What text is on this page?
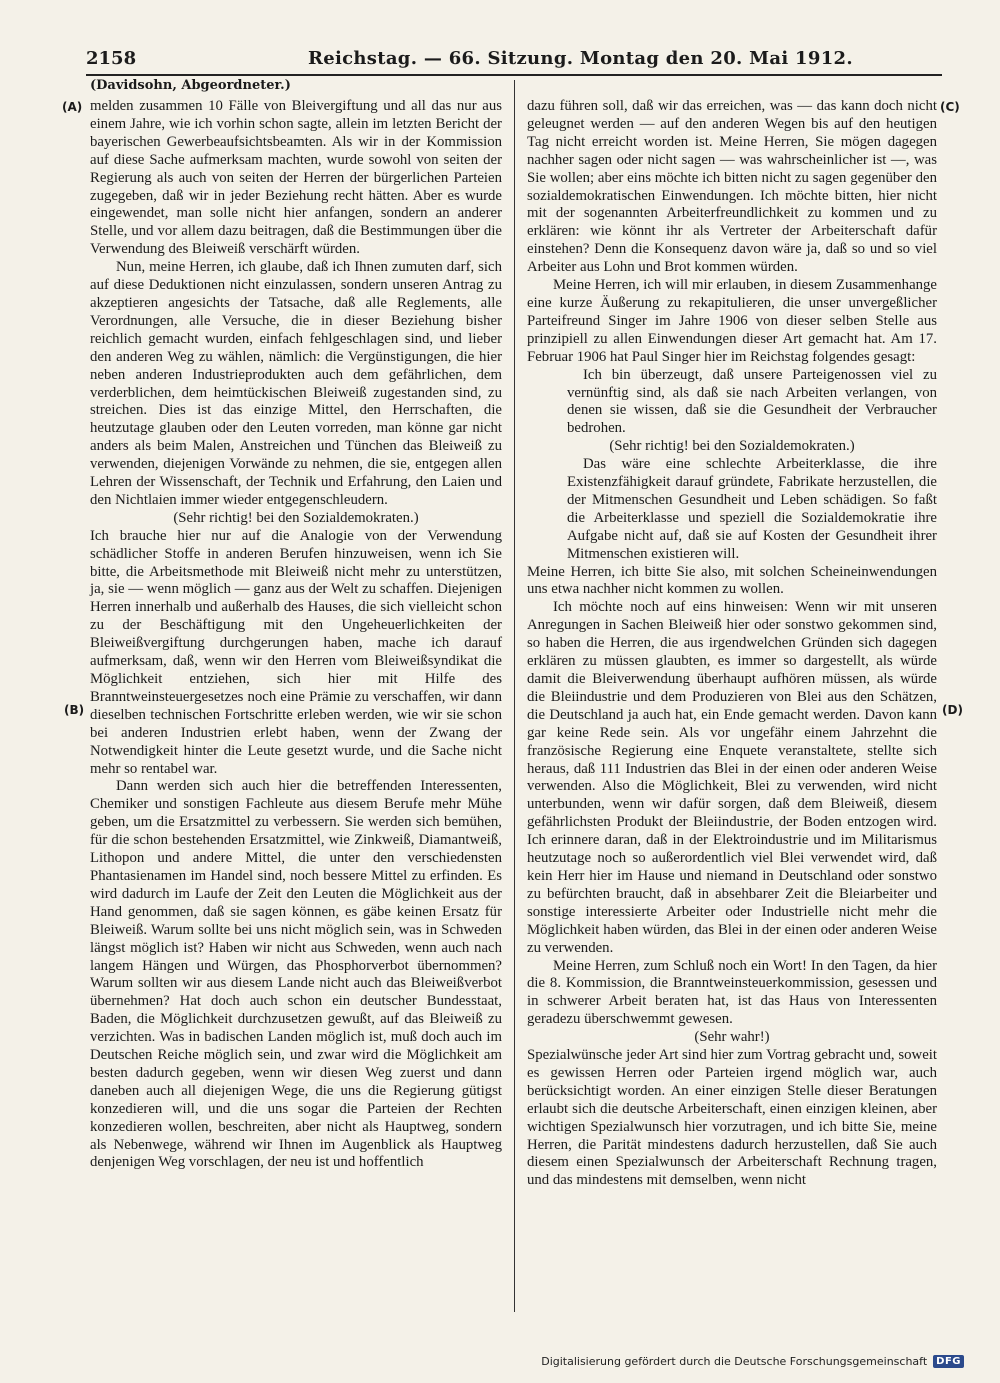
2158	Reichstag. — 66. Sitzung. Montag den 20. Mai 1912.
(Davidsohn, Abgeordneter.)
(A)
(B)
(C)
(D)

melden zusammen 10 Fälle von Bleivergiftung und all das nur aus einem Jahre, wie ich vorhin schon sagte, allein im letzten Bericht der bayerischen Gewerbeaufsichtsbeamten. Als wir in der Kommission auf diese Sache aufmerksam machten, wurde sowohl von seiten der Regierung als auch von seiten der Herren der bürgerlichen Parteien zugegeben, daß wir in jeder Beziehung recht hätten. Aber es wurde eingewendet, man solle nicht hier anfangen, sondern an anderer Stelle, und vor allem dazu beitragen, daß die Bestimmungen über die Verwendung des Bleiweiß verschärft würden.

Nun, meine Herren, ich glaube, daß ich Ihnen zumuten darf, sich auf diese Deduktionen nicht einzulassen, sondern unseren Antrag zu akzeptieren angesichts der Tatsache, daß alle Reglements, alle Verordnungen, alle Versuche, die in dieser Beziehung bisher reichlich gemacht wurden, einfach fehlgeschlagen sind, und lieber den anderen Weg zu wählen, nämlich: die Vergünstigungen, die hier neben anderen Industrieprodukten auch dem gefährlichen, dem verderblichen, dem heimtückischen Bleiweiß zugestanden sind, zu streichen. Dies ist das einzige Mittel, den Herrschaften, die heutzutage glauben oder den Leuten vorreden, man könne gar nicht anders als beim Malen, Anstreichen und Tünchen das Bleiweiß zu verwenden, diejenigen Vorwände zu nehmen, die sie, entgegen allen Lehren der Wissenschaft, der Technik und Erfahrung, den Laien und den Nichtlaien immer wieder entgegenschleudern.

(Sehr richtig! bei den Sozialdemokraten.)

Ich brauche hier nur auf die Analogie von der Verwendung schädlicher Stoffe in anderen Berufen hinzuweisen, wenn ich Sie bitte, die Arbeitsmethode mit Bleiweiß nicht mehr zu unterstützen, ja, sie — wenn möglich — ganz aus der Welt zu schaffen. Diejenigen Herren innerhalb und außerhalb des Hauses, die sich vielleicht schon zu der Beschäftigung mit den Ungeheuerlichkeiten der Bleiweißvergiftung durchgerungen haben, mache ich darauf aufmerksam, daß, wenn wir den Herren vom Bleiweißsyndikat die Möglichkeit entziehen, sich hier mit Hilfe des Branntweinsteuergesetzes noch eine Prämie zu verschaffen, wir dann dieselben technischen Fortschritte erleben werden, wie wir sie schon bei anderen Industrien erlebt haben, wenn der Zwang der Notwendigkeit hinter die Leute gesetzt wurde, und die Sache nicht mehr so rentabel war.

Dann werden sich auch hier die betreffenden Interessenten, Chemiker und sonstigen Fachleute aus diesem Berufe mehr Mühe geben, um die Ersatzmittel zu verbessern. Sie werden sich bemühen, für die schon bestehenden Ersatzmittel, wie Zinkweiß, Diamantweiß, Lithopon und andere Mittel, die unter den verschiedensten Phantasienamen im Handel sind, noch bessere Mittel zu erfinden. Es wird dadurch im Laufe der Zeit den Leuten die Möglichkeit aus der Hand genommen, daß sie sagen können, es gäbe keinen Ersatz für Bleiweiß. Warum sollte bei uns nicht möglich sein, was in Schweden längst möglich ist? Haben wir nicht aus Schweden, wenn auch nach langem Hängen und Würgen, das Phosphorverbot übernommen? Warum sollten wir aus diesem Lande nicht auch das Bleiweißverbot übernehmen? Hat doch auch schon ein deutscher Bundesstaat, Baden, die Möglichkeit durchzusetzen gewußt, auf das Bleiweiß zu verzichten. Was in badischen Landen möglich ist, muß doch auch im Deutschen Reiche möglich sein, und zwar wird die Möglichkeit am besten dadurch gegeben, wenn wir diesen Weg zuerst und dann daneben auch all diejenigen Wege, die uns die Regierung gütigst konzedieren will, und die uns sogar die Parteien der Rechten konzedieren wollen, beschreiten, aber nicht als Hauptweg, sondern als Nebenwege, während wir Ihnen im Augenblick als Hauptweg denjenigen Weg vorschlagen, der neu ist und hoffentlich

dazu führen soll, daß wir das erreichen, was — das kann doch nicht geleugnet werden — auf den anderen Wegen bis auf den heutigen Tag nicht erreicht worden ist. Meine Herren, Sie mögen dagegen nachher sagen oder nicht sagen — was wahrscheinlicher ist —, was Sie wollen; aber eins möchte ich bitten nicht zu sagen gegenüber den sozialdemokratischen Einwendungen. Ich möchte bitten, hier nicht mit der sogenannten Arbeiterfreundlichkeit zu kommen und zu erklären: wie könnt ihr als Vertreter der Arbeiterschaft dafür einstehen? Denn die Konsequenz davon wäre ja, daß so und so viel Arbeiter aus Lohn und Brot kommen würden.

Meine Herren, ich will mir erlauben, in diesem Zusammenhange eine kurze Äußerung zu rekapitulieren, die unser unvergeßlicher Parteifreund Singer im Jahre 1906 von dieser selben Stelle aus prinzipiell zu allen Einwendungen dieser Art gemacht hat. Am 17. Februar 1906 hat Paul Singer hier im Reichstag folgendes gesagt:

Ich bin überzeugt, daß unsere Parteigenossen viel zu vernünftig sind, als daß sie nach Arbeiten verlangen, von denen sie wissen, daß sie die Gesundheit der Verbraucher bedrohen.

(Sehr richtig! bei den Sozialdemokraten.)

Das wäre eine schlechte Arbeiterklasse, die ihre Existenzfähigkeit darauf gründete, Fabrikate herzustellen, die der Mitmenschen Gesundheit und Leben schädigen. So faßt die Arbeiterklasse und speziell die Sozialdemokratie ihre Aufgabe nicht auf, daß sie auf Kosten der Gesundheit ihrer Mitmenschen existieren will.

Meine Herren, ich bitte Sie also, mit solchen Scheineinwendungen uns etwa nachher nicht kommen zu wollen.

Ich möchte noch auf eins hinweisen: Wenn wir mit unseren Anregungen in Sachen Bleiweiß hier oder sonstwo gekommen sind, so haben die Herren, die aus irgendwelchen Gründen sich dagegen erklären zu müssen glaubten, es immer so dargestellt, als würde damit die Bleiverwendung überhaupt aufhören müssen, als würde die Bleiindustrie und dem Produzieren von Blei aus den Schätzen, die Deutschland ja auch hat, ein Ende gemacht werden. Davon kann gar keine Rede sein. Als vor ungefähr einem Jahrzehnt die französische Regierung eine Enquete veranstaltete, stellte sich heraus, daß 111 Industrien das Blei in der einen oder anderen Weise verwenden. Also die Möglichkeit, Blei zu verwenden, wird nicht unterbunden, wenn wir dafür sorgen, daß dem Bleiweiß, diesem gefährlichsten Produkt der Bleiindustrie, der Boden entzogen wird. Ich erinnere daran, daß in der Elektroindustrie und im Militarismus heutzutage noch so außerordentlich viel Blei verwendet wird, daß kein Herr hier im Hause und niemand in Deutschland oder sonstwo zu befürchten braucht, daß in absehbarer Zeit die Bleiarbeiter und sonstige interessierte Arbeiter oder Industrielle nicht mehr die Möglichkeit haben würden, das Blei in der einen oder anderen Weise zu verwenden.

Meine Herren, zum Schluß noch ein Wort! In den Tagen, da hier die 8. Kommission, die Branntweinsteuerkommission, gesessen und in schwerer Arbeit beraten hat, ist das Haus von Interessenten geradezu überschwemmt gewesen.

(Sehr wahr!)

Spezialwünsche jeder Art sind hier zum Vortrag gebracht und, soweit es gewissen Herren oder Parteien irgend möglich war, auch berücksichtigt worden. An einer einzigen Stelle dieser Beratungen erlaubt sich die deutsche Arbeiterschaft, einen einzigen kleinen, aber wichtigen Spezialwunsch hier vorzutragen, und ich bitte Sie, meine Herren, die Parität mindestens dadurch herzustellen, daß Sie auch diesem einen Spezialwunsch der Arbeiterschaft Rechnung tragen, und das mindestens mit demselben, wenn nicht

Digitalisierung gefördert durch die Deutsche Forschungsgemeinschaft DFG
